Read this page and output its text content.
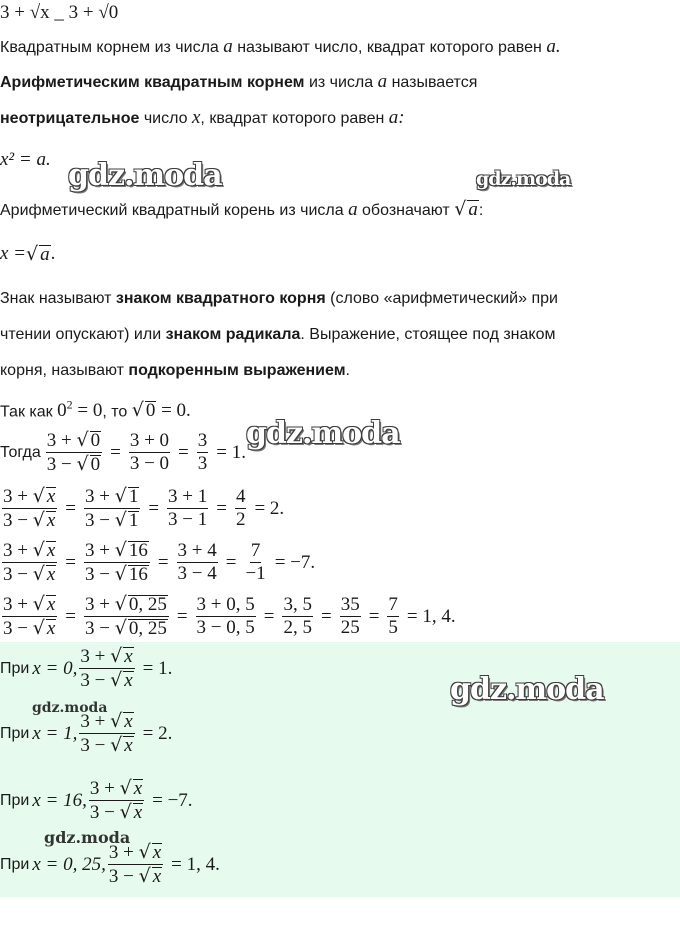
3 + √x _ 3 + √0
Квадратным корнем из числа a называют число, квадрат которого равен a.
Арифметическим квадратным корнем из числа a называется
неотрицательное число x, квадрат которого равен a:
x² = a.
Арифметический квадратный корень из числа a обозначают √ a:
x = √ a .
Знак называют знаком квадратного корня (слово «арифметический» при
чтении опускают) или знаком радикала. Выражение, стоящее под знаком
корня, называют подкоренным выражением.
Так как $0^2 = 0$, то √ 0 = 0.
Тогда $\frac{3 + √ 0}{3 - √ 0} = \frac{3 + 0}{3 - 0} = \frac{3}{3} = 1$.
$\frac{3 + √ x}{3 - √ x} = \frac{3 + √ 1}{3 - √ 1} = \frac{3 + 1}{3 - 1} = \frac{4}{2} = 2$.
$\frac{3 + √ x}{3 - √ x} = \frac{3 + √ 16}{3 - √ 16} = \frac{3 + 4}{3 - 4} = \frac{7}{-1} = -7$.
$\frac{3 + √ x}{3 - √ x} = \frac{3 + √ 0, 25}{3 - √ 0, 25} = \frac{3 + 0, 5}{3 - 0, 5} = \frac{3, 5}{2, 5} = \frac{35}{25} = \frac{7}{5} = 1$, 4.
При x = 0, $\frac{3 + √ x}{3 - √ x} = 1$.
При x = 1, $\frac{3 + √ x}{3 - √ x} = 2$.
При x = 16, $\frac{3 + √ x}{3 - √ x} = -7$.
При x = 0, 25, $\frac{3 + √ x}{3 - √ x} = 1$, 4.
gdz.moda	gdz.moda
gdz.moda
gdz.moda
gdz.moda
gdz.moda
